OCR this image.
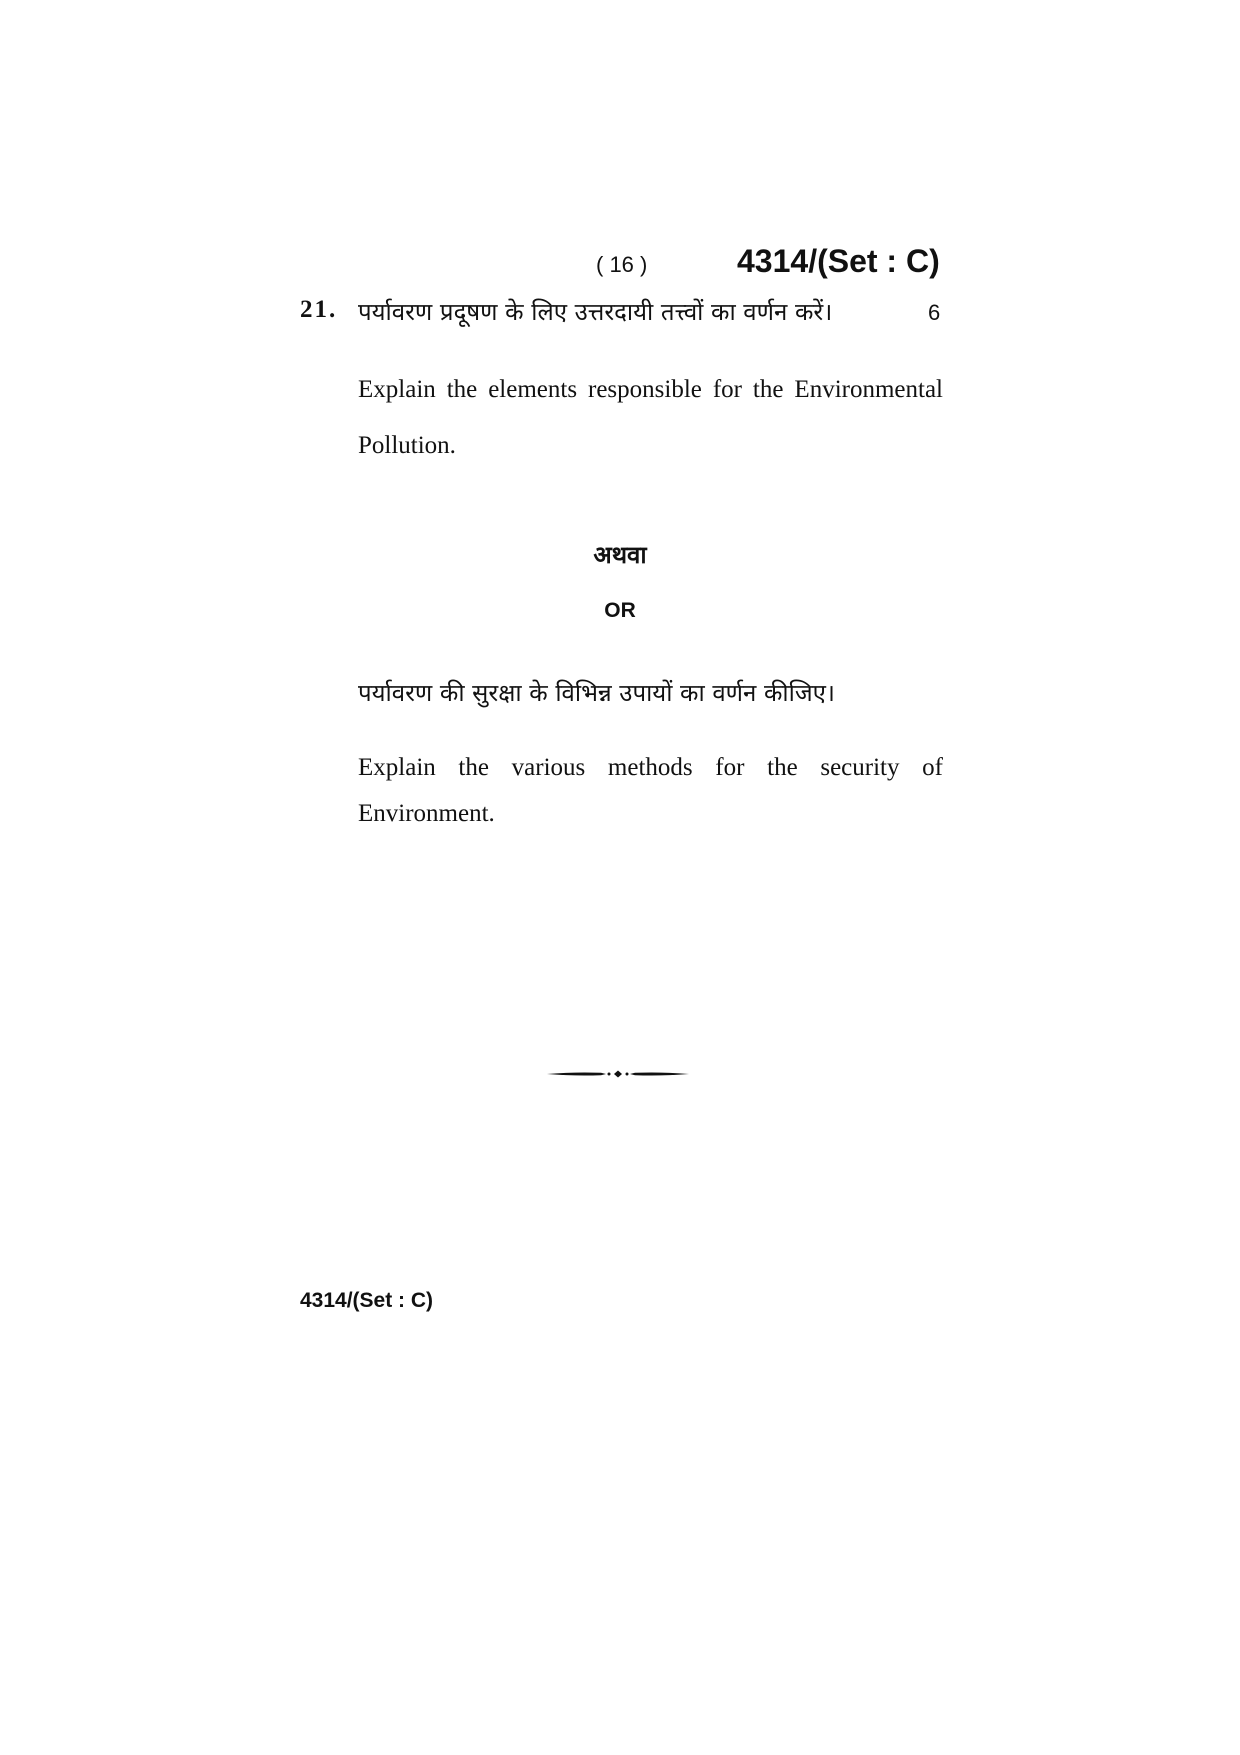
( 16 )	4314/(Set : C)
21. पर्यावरण प्रदूषण के लिए उत्तरदायी तत्त्वों का वर्णन करें।	6
Explain the elements responsible for the Environmental Pollution.
अथवा
OR
पर्यावरण की सुरक्षा के विभिन्न उपायों का वर्णन कीजिए।
Explain the various methods for the security of Environment.
4314/(Set : C)
